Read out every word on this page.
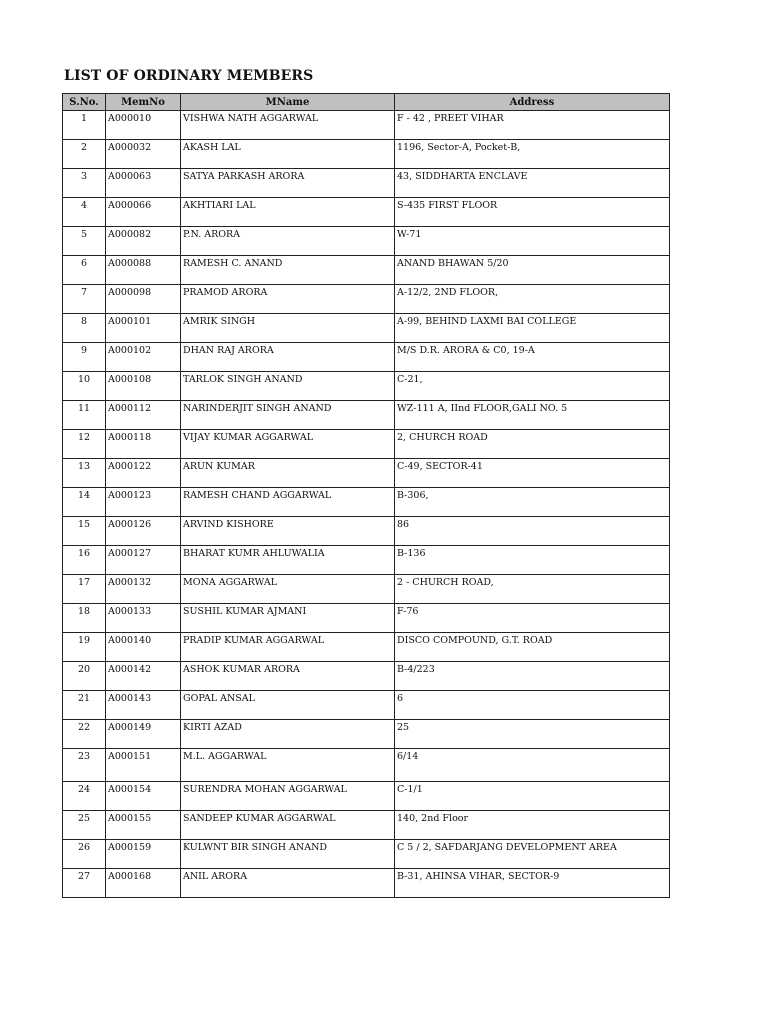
LIST OF ORDINARY MEMBERS
S.No.	MemNo	MName	Address
1	A000010	VISHWA NATH AGGARWAL	F - 42 , PREET VIHAR
2	A000032	AKASH LAL	1196, Sector-A, Pocket-B,
3	A000063	SATYA PARKASH ARORA	43, SIDDHARTA ENCLAVE
4	A000066	AKHTIARI LAL	S-435 FIRST FLOOR
5	A000082	P.N. ARORA	W-71
6	A000088	RAMESH C. ANAND	ANAND BHAWAN 5/20
7	A000098	PRAMOD ARORA	A-12/2, 2ND FLOOR,
8	A000101	AMRIK SINGH	A-99, BEHIND LAXMI BAI COLLEGE
9	A000102	DHAN RAJ ARORA	M/S D.R. ARORA & C0, 19-A
10	A000108	TARLOK SINGH ANAND	C-21,
11	A000112	NARINDERJIT SINGH ANAND	WZ-111 A, IInd FLOOR,GALI NO. 5
12	A000118	VIJAY KUMAR AGGARWAL	2, CHURCH ROAD
13	A000122	ARUN KUMAR	C-49, SECTOR-41
14	A000123	RAMESH CHAND AGGARWAL	B-306,
15	A000126	ARVIND KISHORE	86
16	A000127	BHARAT KUMR AHLUWALIA	B-136
17	A000132	MONA AGGARWAL	2 - CHURCH ROAD,
18	A000133	SUSHIL KUMAR AJMANI	F-76
19	A000140	PRADIP KUMAR AGGARWAL	DISCO COMPOUND, G.T. ROAD
20	A000142	ASHOK KUMAR ARORA	B-4/223
21	A000143	GOPAL ANSAL	6
22	A000149	KIRTI AZAD	25
23	A000151	M.L. AGGARWAL	6/14
24	A000154	SURENDRA MOHAN AGGARWAL	C-1/1
25	A000155	SANDEEP KUMAR AGGARWAL	140, 2nd Floor
26	A000159	KULWNT BIR SINGH ANAND	C 5 / 2, SAFDARJANG DEVELOPMENT AREA
27	A000168	ANIL ARORA	B-31, AHINSA VIHAR, SECTOR-9
